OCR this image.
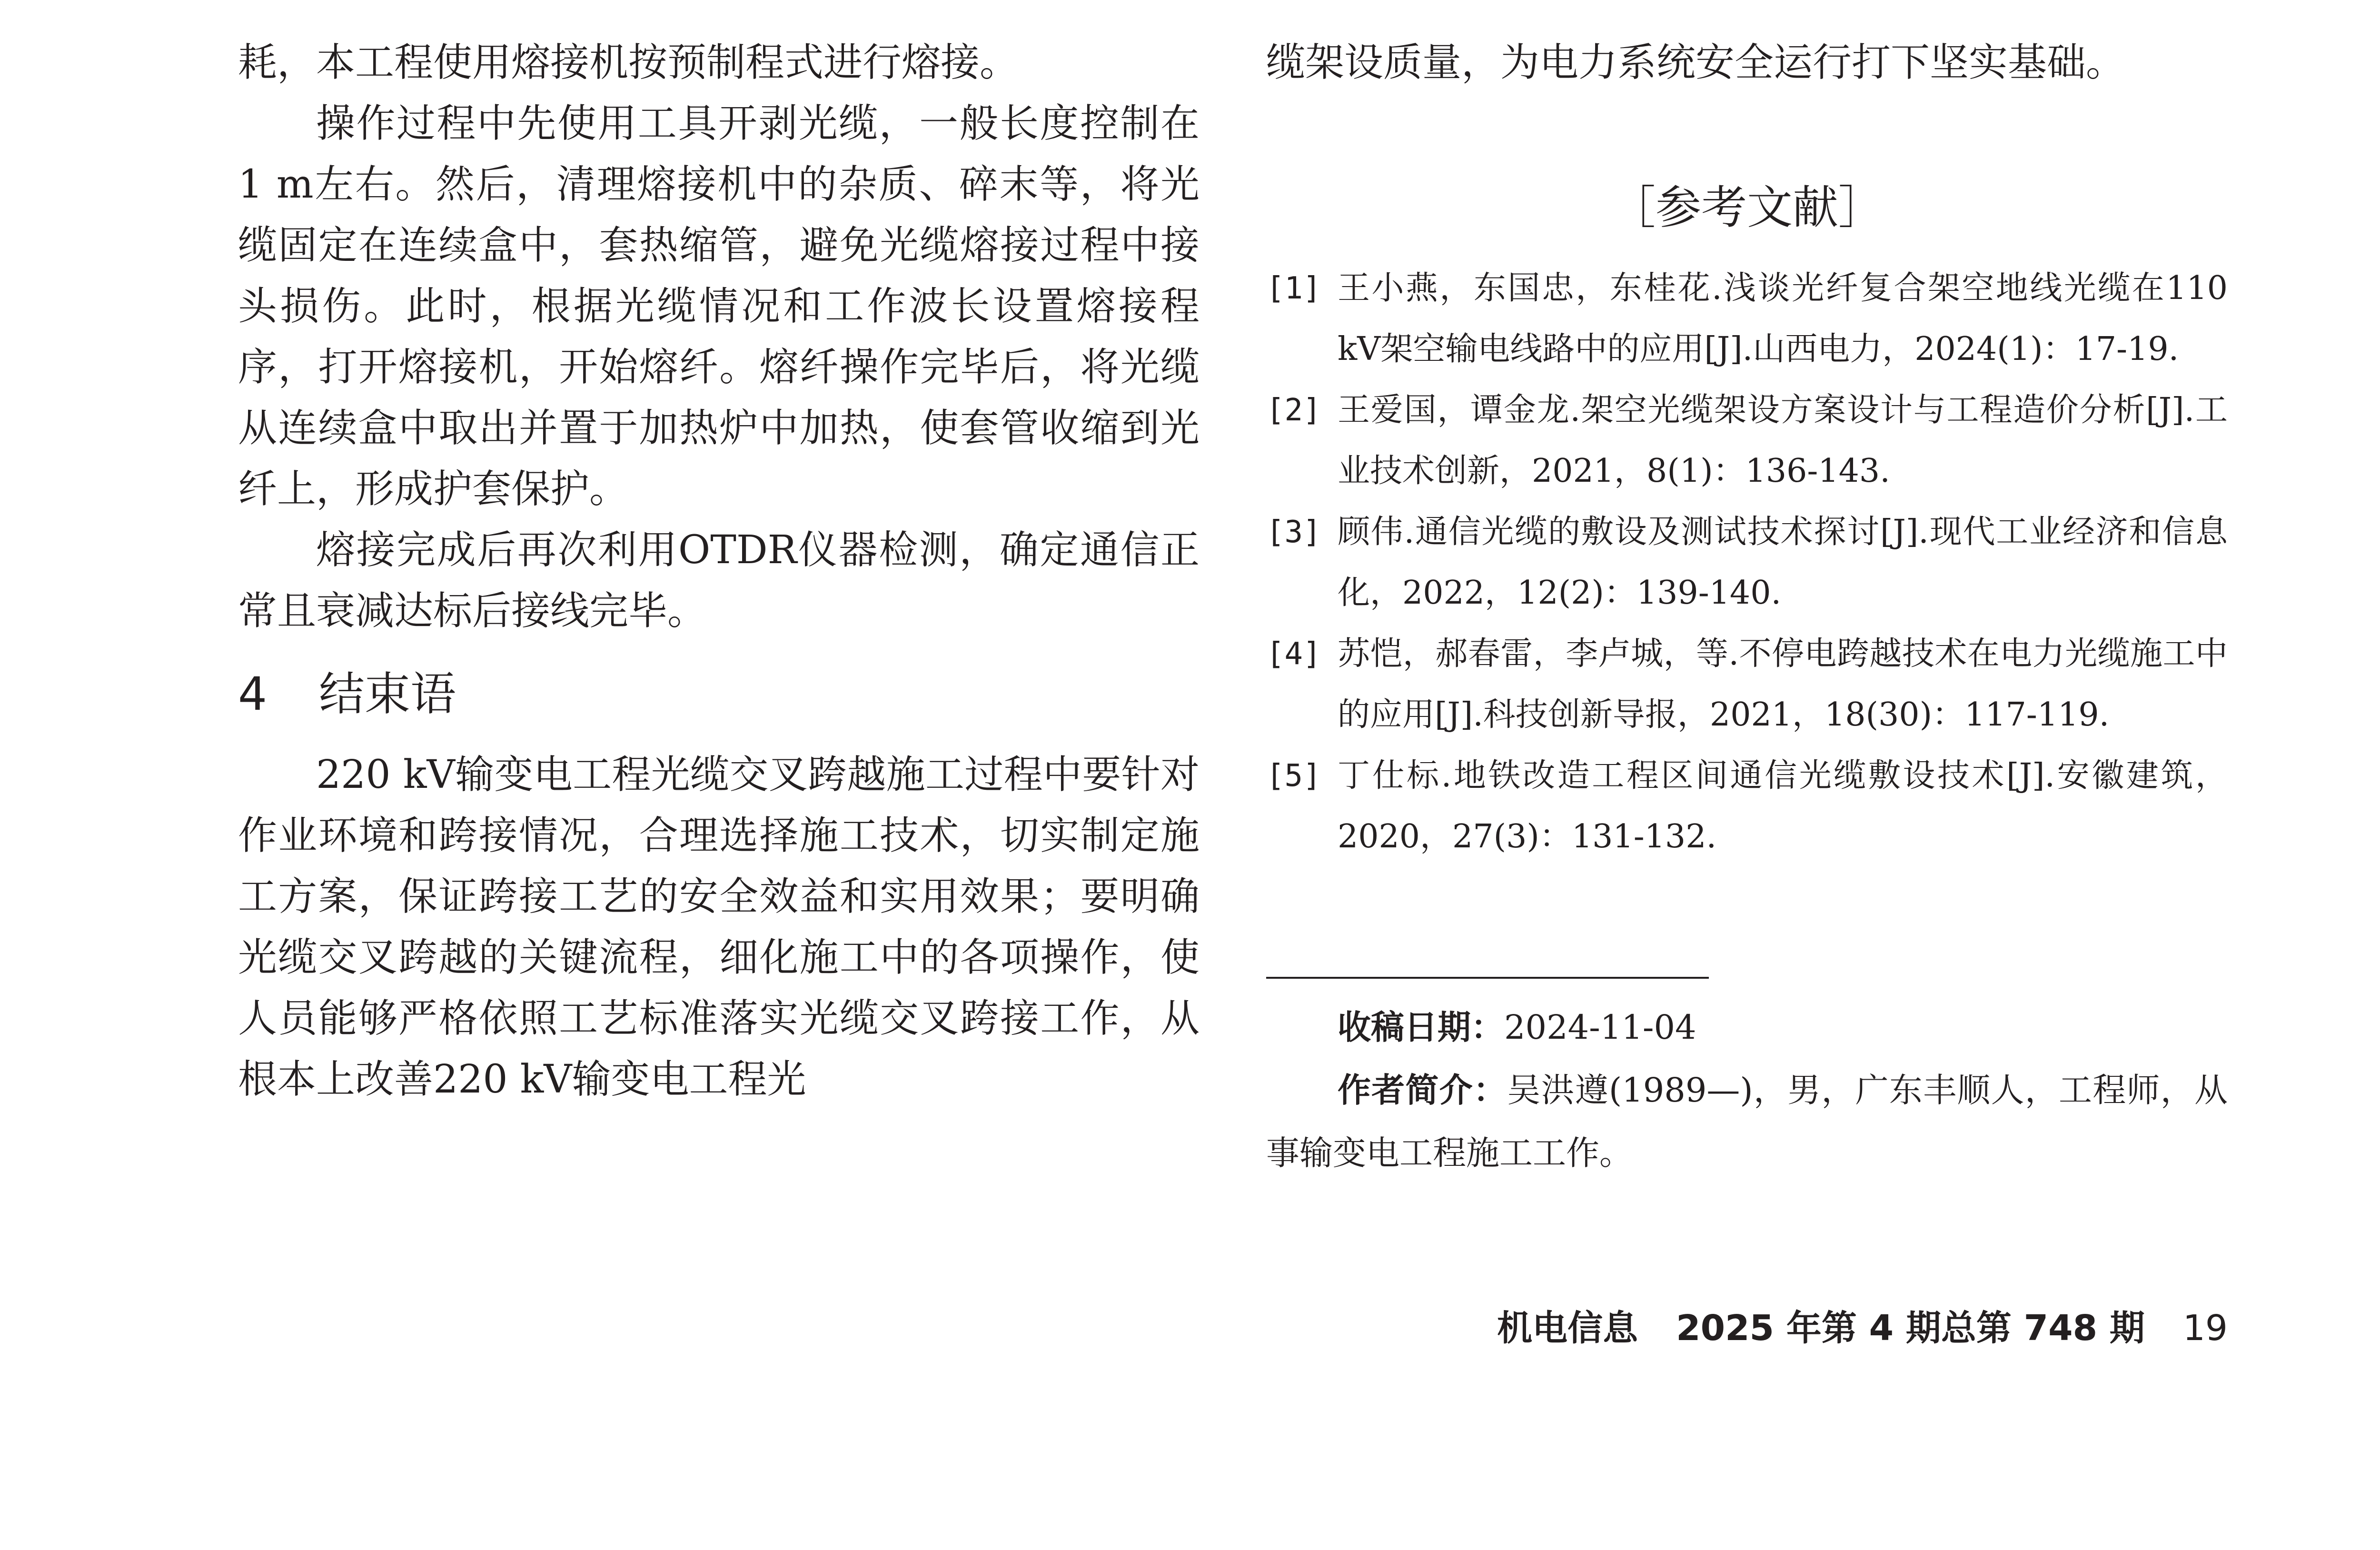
耗，本工程使用熔接机按预制程式进行熔接。

操作过程中先使用工具开剥光缆，一般长度控制在1 m左右。然后，清理熔接机中的杂质、碎末等，将光缆固定在连续盒中，套热缩管，避免光缆熔接过程中接头损伤。此时，根据光缆情况和工作波长设置熔接程序，打开熔接机，开始熔纤。熔纤操作完毕后，将光缆从连续盒中取出并置于加热炉中加热，使套管收缩到光纤上，形成护套保护。

熔接完成后再次利用OTDR仪器检测，确定通信正常且衰减达标后接线完毕。

4 结束语

220 kV输变电工程光缆交叉跨越施工过程中要针对作业环境和跨接情况，合理选择施工技术，切实制定施工方案，保证跨接工艺的安全效益和实用效果；要明确光缆交叉跨越的关键流程，细化施工中的各项操作，使人员能够严格依照工艺标准落实光缆交叉跨接工作，从根本上改善220 kV输变电工程光

缆架设质量，为电力系统安全运行打下坚实基础。

［参考文献］
[1] 王小燕，东国忠，东桂花.浅谈光纤复合架空地线光缆在110 kV架空输电线路中的应用[J].山西电力，2024(1)：17-19.
[2] 王爱国，谭金龙.架空光缆架设方案设计与工程造价分析[J].工业技术创新，2021，8(1)：136-143.
[3] 顾伟.通信光缆的敷设及测试技术探讨[J].现代工业经济和信息化，2022，12(2)：139-140.
[4] 苏恺，郝春雷，李卢城，等.不停电跨越技术在电力光缆施工中的应用[J].科技创新导报，2021，18(30)：117-119.
[5] 丁仕标.地铁改造工程区间通信光缆敷设技术[J].安徽建筑，2020，27(3)：131-132.

收稿日期：2024-11-04

作者简介：吴洪遵(1989—)，男，广东丰顺人，工程师，从事输变电工程施工工作。

机电信息 2025 年第 4 期总第 748 期 19
